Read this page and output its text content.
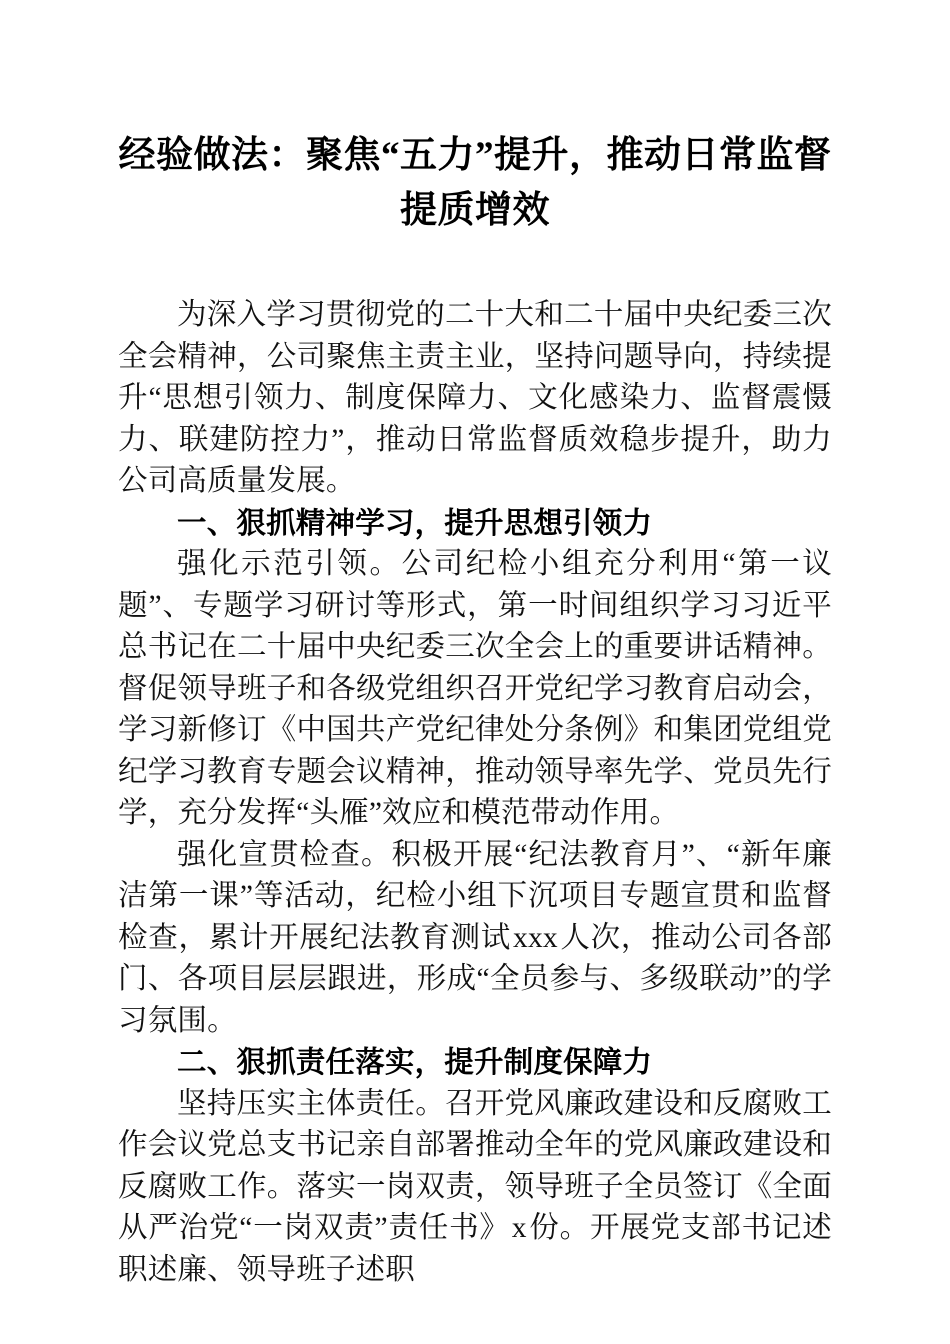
经验做法：聚焦“五力”提升，推动日常监督提质增效

为深入学习贯彻党的二十大和二十届中央纪委三次全会精神，公司聚焦主责主业，坚持问题导向，持续提升“思想引领力、制度保障力、文化感染力、监督震慑力、联建防控力”，推动日常监督质效稳步提升，助力公司高质量发展。

一、狠抓精神学习，提升思想引领力

强化示范引领。公司纪检小组充分利用“第一议题”、专题学习研讨等形式，第一时间组织学习习近平总书记在二十届中央纪委三次全会上的重要讲话精神。督促领导班子和各级党组织召开党纪学习教育启动会，学习新修订《中国共产党纪律处分条例》和集团党组党纪学习教育专题会议精神，推动领导率先学、党员先行学，充分发挥“头雁”效应和模范带动作用。

强化宣贯检查。积极开展“纪法教育月”、“新年廉洁第一课”等活动，纪检小组下沉项目专题宣贯和监督检查，累计开展纪法教育测试xxx人次，推动公司各部门、各项目层层跟进，形成“全员参与、多级联动”的学习氛围。

二、狠抓责任落实，提升制度保障力

坚持压实主体责任。召开党风廉政建设和反腐败工作会议党总支书记亲自部署推动全年的党风廉政建设和反腐败工作。落实一岗双责，领导班子全员签订《全面从严治党“一岗双责”责任书》x份。开展党支部书记述职述廉、领导班子述职
